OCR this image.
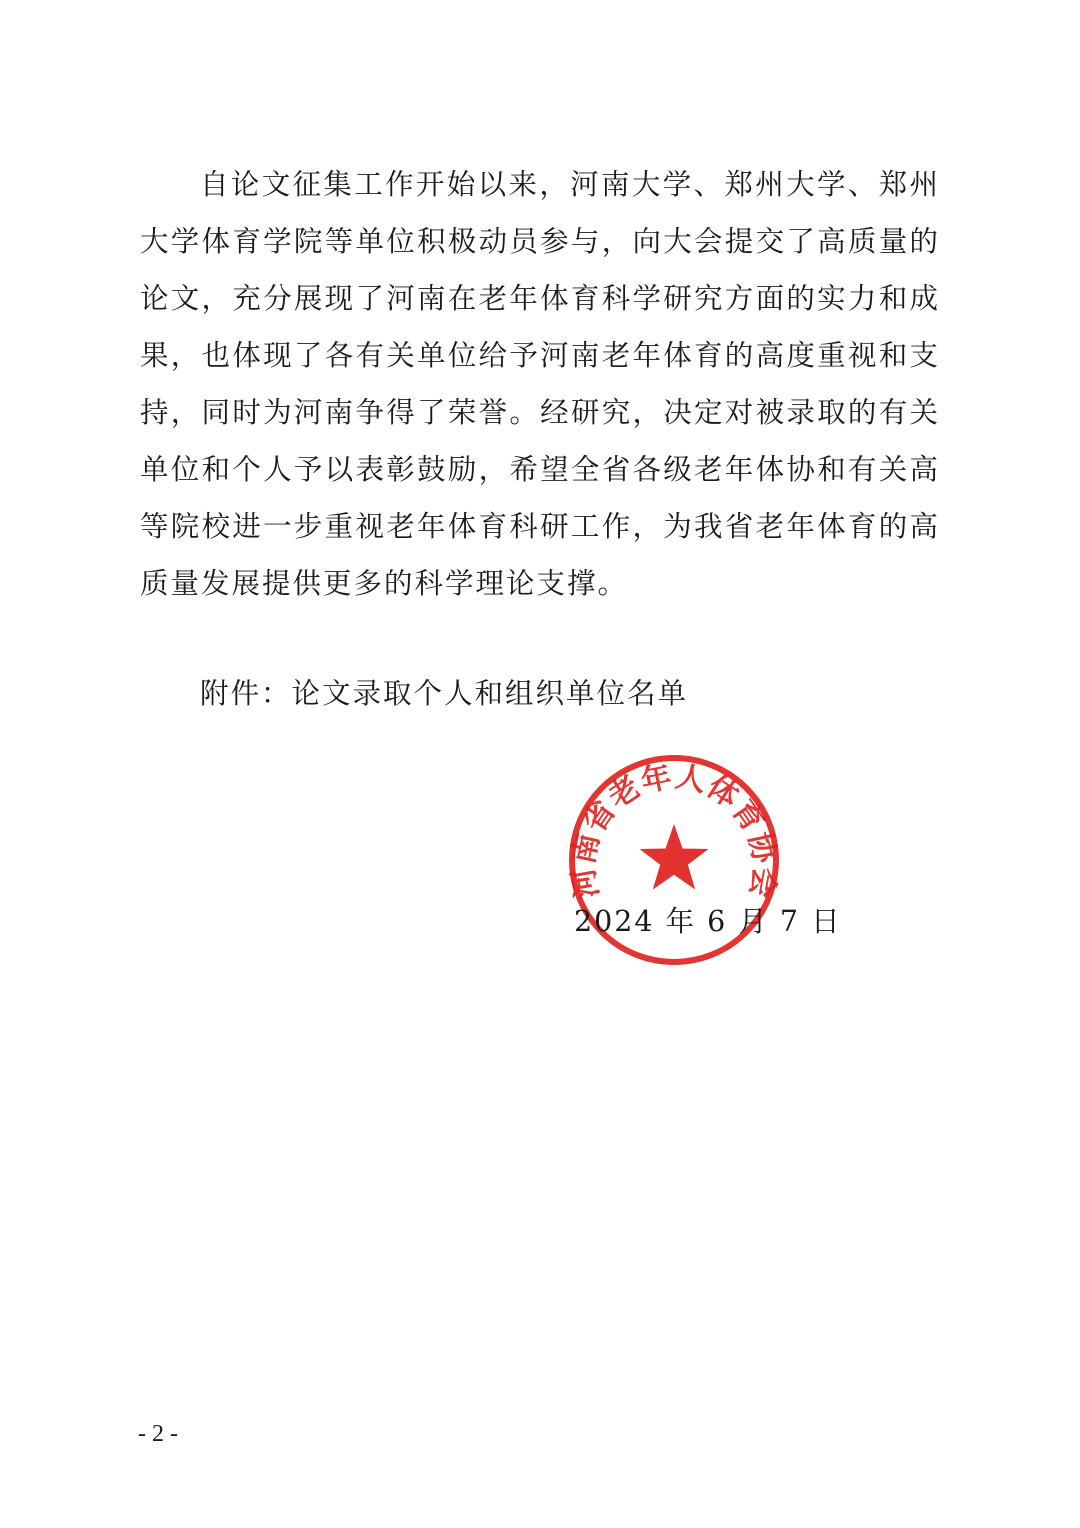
自论文征集工作开始以来，河南大学、郑州大学、郑州大学体育学院等单位积极动员参与，向大会提交了高质量的论文，充分展现了河南在老年体育科学研究方面的实力和成果，也体现了各有关单位给予河南老年体育的高度重视和支持，同时为河南争得了荣誉。经研究，决定对被录取的有关单位和个人予以表彰鼓励，希望全省各级老年体协和有关高等院校进一步重视老年体育科研工作，为我省老年体育的高质量发展提供更多的科学理论支撑。

附件：论文录取个人和组织单位名单

河南省老年人体育协会
2024 年 6 月 7 日
- 2 -
